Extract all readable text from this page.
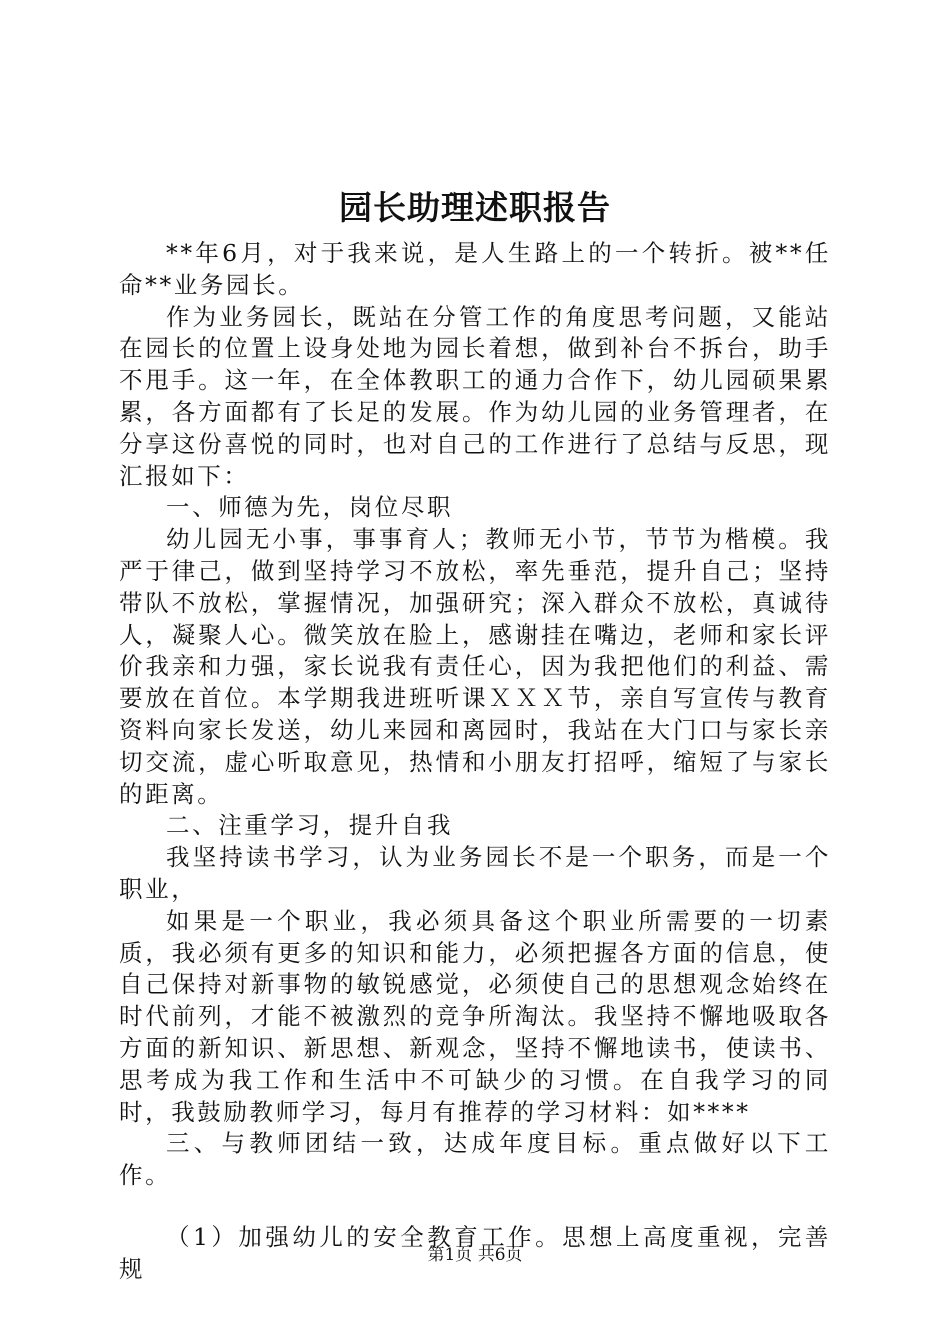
园长助理述职报告

**年6月，对于我来说，是人生路上的一个转折。被**任命**业务园长。

作为业务园长，既站在分管工作的角度思考问题，又能站在园长的位置上设身处地为园长着想，做到补台不拆台，助手不甩手。这一年，在全体教职工的通力合作下，幼儿园硕果累累，各方面都有了长足的发展。作为幼儿园的业务管理者，在分享这份喜悦的同时，也对自己的工作进行了总结与反思，现汇报如下：

一、师德为先，岗位尽职

幼儿园无小事，事事育人；教师无小节，节节为楷模。我严于律己，做到坚持学习不放松，率先垂范，提升自己；坚持带队不放松，掌握情况，加强研究；深入群众不放松，真诚待人，凝聚人心。微笑放在脸上，感谢挂在嘴边，老师和家长评价我亲和力强，家长说我有责任心，因为我把他们的利益、需要放在首位。本学期我进班听课ＸＸＸ节，亲自写宣传与教育资料向家长发送，幼儿来园和离园时，我站在大门口与家长亲切交流，虚心听取意见，热情和小朋友打招呼，缩短了与家长的距离。

二、注重学习，提升自我

我坚持读书学习，认为业务园长不是一个职务，而是一个职业，

如果是一个职业，我必须具备这个职业所需要的一切素质，我必须有更多的知识和能力，必须把握各方面的信息，使自己保持对新事物的敏锐感觉，必须使自己的思想观念始终在时代前列，才能不被激烈的竞争所淘汰。我坚持不懈地吸取各方面的新知识、新思想、新观念，坚持不懈地读书，使读书、思考成为我工作和生活中不可缺少的习惯。在自我学习的同时，我鼓励教师学习，每月有推荐的学习材料：如****

三、与教师团结一致，达成年度目标。重点做好以下工作。

（1）加强幼儿的安全教育工作。思想上高度重视，完善规	第1页 共6页
